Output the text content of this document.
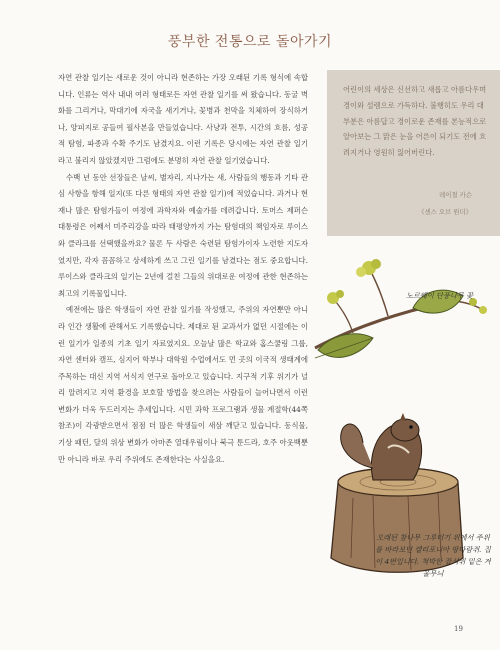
풍부한 전통으로 돌아가기

자연 관찰 일기는 새로운 것이 아니라 현존하는 가장 오래된 기록 형식에 속합니다. 인류는 역사 내내 여러 형태로든 자연 관찰 일기를 써 왔습니다. 동굴 벽화를 그리거나, 막대기에 자국을 새기거나, 꽃병과 천막을 치체하여 장식하거나, 양피지로 공들여 필사본을 만들었습니다. 사냥과 전투, 시간의 흐름, 성공적 탐험, 파종과 수확 주기도 남겼지요. 이런 기록은 당시에는 자연 관찰 일기라고 불리지 않았겠지만 그럼에도 분명히 자연 관찰 일기였습니다.

수백 년 동안 선장들은 날씨, 별자리, 지나가는 새, 사람들의 행동과 기타 관심 사항을 항해 일지(또 다른 형태의 자연 관찰 일기)에 적었습니다. 과거나 현재나 많은 탐험가들이 여정에 과학자와 예술가를 데려갑니다. 토머스 제퍼슨 대통령은 어째서 미주리강을 따라 태평양까지 가는 탐험대의 책임자로 루이스와 클라크를 선택했을까요? 물론 두 사람은 숙련된 탐험가이자 노련한 지도자였지만, 각자 꼼꼼하고 상세하게 쓰고 그린 일기를 남겼다는 점도 중요합니다. 루이스와 클라크의 일기는 2년에 걸친 그들의 위대로운 여정에 관한 현존하는 최고의 기록물입니다.

예전에는 많은 학생들이 자연 관찰 일기를 작성했고, 주위의 자연뿐만 아니라 인간 생활에 관해서도 기록했습니다. 제대로 된 교과서가 없던 시절에는 이런 일기가 일종의 기초 일기 자료였지요. 오늘날 많은 학교와 홈스쿨링 그룹, 자연 센터와 캠프, 심지어 학부나 대학원 수업에서도 먼 곳의 이국적 생태계에 주목하는 대신 지역 서식지 연구로 돌아오고 있습니다. 지구적 기후 위기가 널리 알려지고 지역 환경을 보호할 방법을 찾으려는 사람들이 늘어나면서 이런 변화가 더욱 두드러지는 추세입니다. 시민 과학 프로그램과 생물 계절학(44쪽 참조)이 각광받으면서 점점 더 많은 학생들이 새삼 깨닫고 있습니다. 동식물, 기상 패턴, 달의 위상 변화가 아마존 열대우림이나 북극 툰드라, 호주 아웃백뿐만 아니라 바로 우리 주위에도 존재한다는 사실을요.

어린이의 세상은 신선하고 새롭고 아름다우며 경이와 설렘으로 가득하다. 불행히도 우리 대부분은 아름답고 경이로운 존재를 본능적으로 알아보는 그 맑은 눈을 어른이 되기도 전에 흐려지거나 영원히 잃어버린다.
레이철 카슨
《센스 오브 원더》
노르웨이 단풍나무 꽃
오래된 참나무 그루터기 위에서 주위를 바라보던 캘리포니아 땅다람쥐. 집이 4번입니다. 척박한 잡석위 밑은 겨울무늬
19
